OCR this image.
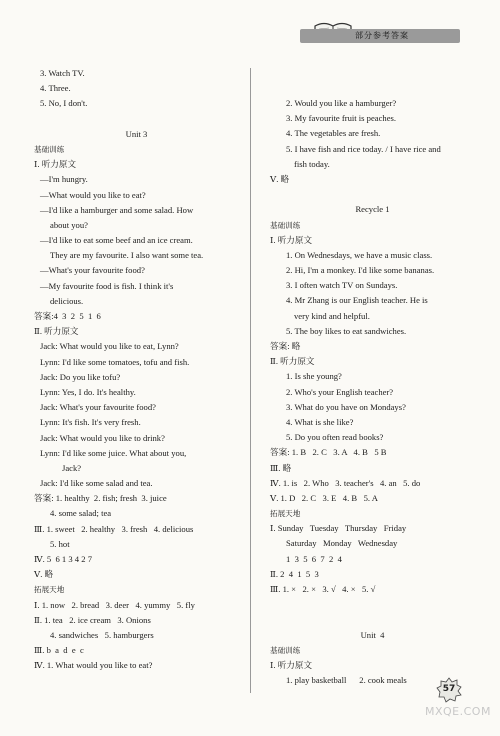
部分参考答案
3. Watch TV.
4. Three.
5. No, I don't.
Unit 3
基础训练
Ⅰ. 听力原文
—I'm hungry.
—What would you like to eat?
—I'd like a hamburger and some salad. How
about you?
—I'd like to eat some beef and an ice cream.
They are my favourite. I also want some tea.
—What's your favourite food?
—My favourite food is fish. I think it's
delicious.
答案:4  3  2  5  1  6
Ⅱ. 听力原文
Jack: What would you like to eat, Lynn?
Lynn: I'd like some tomatoes, tofu and fish.
Jack: Do you like tofu?
Lynn: Yes, I do. It's healthy.
Jack: What's your favourite food?
Lynn: It's fish. It's very fresh.
Jack: What would you like to drink?
Lynn: I'd like some juice. What about you,
Jack?
Jack: I'd like some salad and tea.
答案: 1. healthy  2. fish; fresh  3. juice
4. some salad; tea
Ⅲ. 1. sweet   2. healthy   3. fresh   4. delicious
5. hot
Ⅳ. 5  6 1 3 4 2 7
Ⅴ. 略
拓展天地
Ⅰ. 1. now   2. bread   3. deer   4. yummy   5. fly
Ⅱ. 1. tea   2. ice cream   3. Onions
4. sandwiches   5. hamburgers
Ⅲ. b  a  d  e  c
Ⅳ. 1. What would you like to eat?
2. Would you like a hamburger?
3. My favourite fruit is peaches.
4. The vegetables are fresh.
5. I have fish and rice today. / I have rice and
fish today.
Ⅴ. 略
Recycle 1
基础训练
Ⅰ. 听力原文
1. On Wednesdays, we have a music class.
2. Hi, I'm a monkey. I'd like some bananas.
3. I often watch TV on Sundays.
4. Mr Zhang is our English teacher. He is
very kind and helpful.
5. The boy likes to eat sandwiches.
答案: 略
Ⅱ. 听力原文
1. Is she young?
2. Who's your English teacher?
3. What do you have on Mondays?
4. What is she like?
5. Do you often read books?
答案: 1. B   2. C   3. A   4. B   5 B
Ⅲ. 略
Ⅳ. 1. is   2. Who   3. teacher's   4. an   5. do
Ⅴ. 1. D   2. C   3. E   4. B   5. A
拓展天地
Ⅰ. Sunday   Tuesday   Thursday   Friday
Saturday   Monday   Wednesday
1  3  5  6  7  2  4
Ⅱ. 2  4  1  5  3
Ⅲ. 1. ×   2. ×   3. √   4. ×   5. √
Unit  4
基础训练
Ⅰ. 听力原文
1. play basketball      2. cook meals
57
MXQE.COM
